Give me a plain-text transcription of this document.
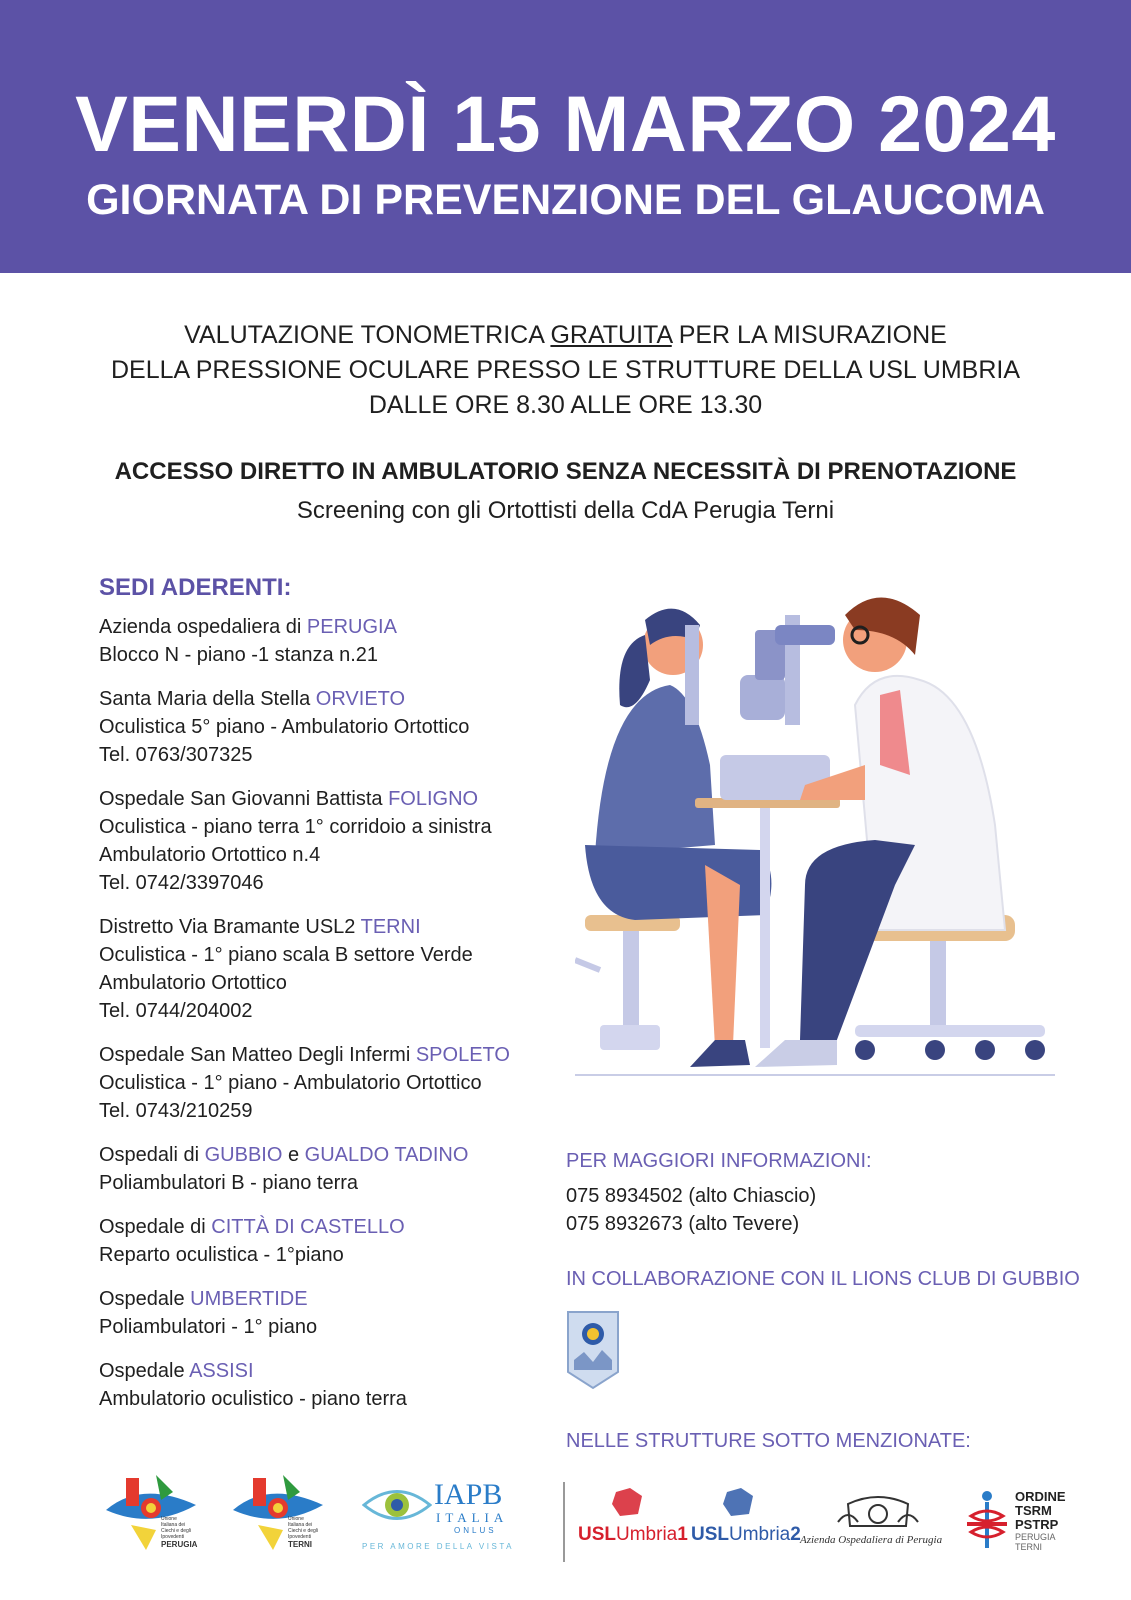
VENERDÌ 15 MARZO 2024
GIORNATA DI PREVENZIONE DEL GLAUCOMA
VALUTAZIONE TONOMETRICA GRATUITA PER LA MISURAZIONE
DELLA PRESSIONE OCULARE PRESSO LE STRUTTURE DELLA USL UMBRIA
DALLE ORE 8.30 ALLE ORE 13.30
ACCESSO DIRETTO IN AMBULATORIO SENZA NECESSITÀ DI PRENOTAZIONE
Screening con gli Ortottisti della CdA Perugia Terni
SEDI ADERENTI:
Azienda ospedaliera di PERUGIA
Blocco N - piano -1 stanza n.21
Santa Maria della Stella ORVIETO
Oculistica 5° piano - Ambulatorio Ortottico
Tel. 0763/307325
Ospedale San Giovanni Battista FOLIGNO
Oculistica - piano terra 1° corridoio a sinistra
Ambulatorio Ortottico n.4
Tel. 0742/3397046
Distretto Via Bramante USL2 TERNI
Oculistica - 1° piano scala B settore Verde
Ambulatorio Ortottico
Tel. 0744/204002
Ospedale San Matteo Degli Infermi SPOLETO
Oculistica - 1° piano - Ambulatorio Ortottico
Tel. 0743/210259
Ospedali di GUBBIO e GUALDO TADINO
Poliambulatori B - piano terra
Ospedale di CITTÀ DI CASTELLO
Reparto oculistica - 1°piano
Ospedale UMBERTIDE
Poliambulatori - 1° piano
Ospedale ASSISI
Ambulatorio oculistico - piano terra
PER MAGGIORI INFORMAZIONI:
075 8934502 (alto Chiascio)
075 8932673 (alto Tevere)
IN COLLABORAZIONE CON IL LIONS CLUB DI GUBBIO
NELLE STRUTTURE SOTTO MENZIONATE:
Unione
Italiana dei
Ciechi e degli
Ipovedenti
PERUGIA
Unione
Italiana dei
Ciechi e degli
Ipovedenti
TERNI
IAPB
ITALIA
ONLUS
PER AMORE DELLA VISTA
USLUmbria1 USLUmbria2 Azienda Ospedaliera di Perugia
ORDINE
TSRM
PSTRP
PERUGIA
TERNI
